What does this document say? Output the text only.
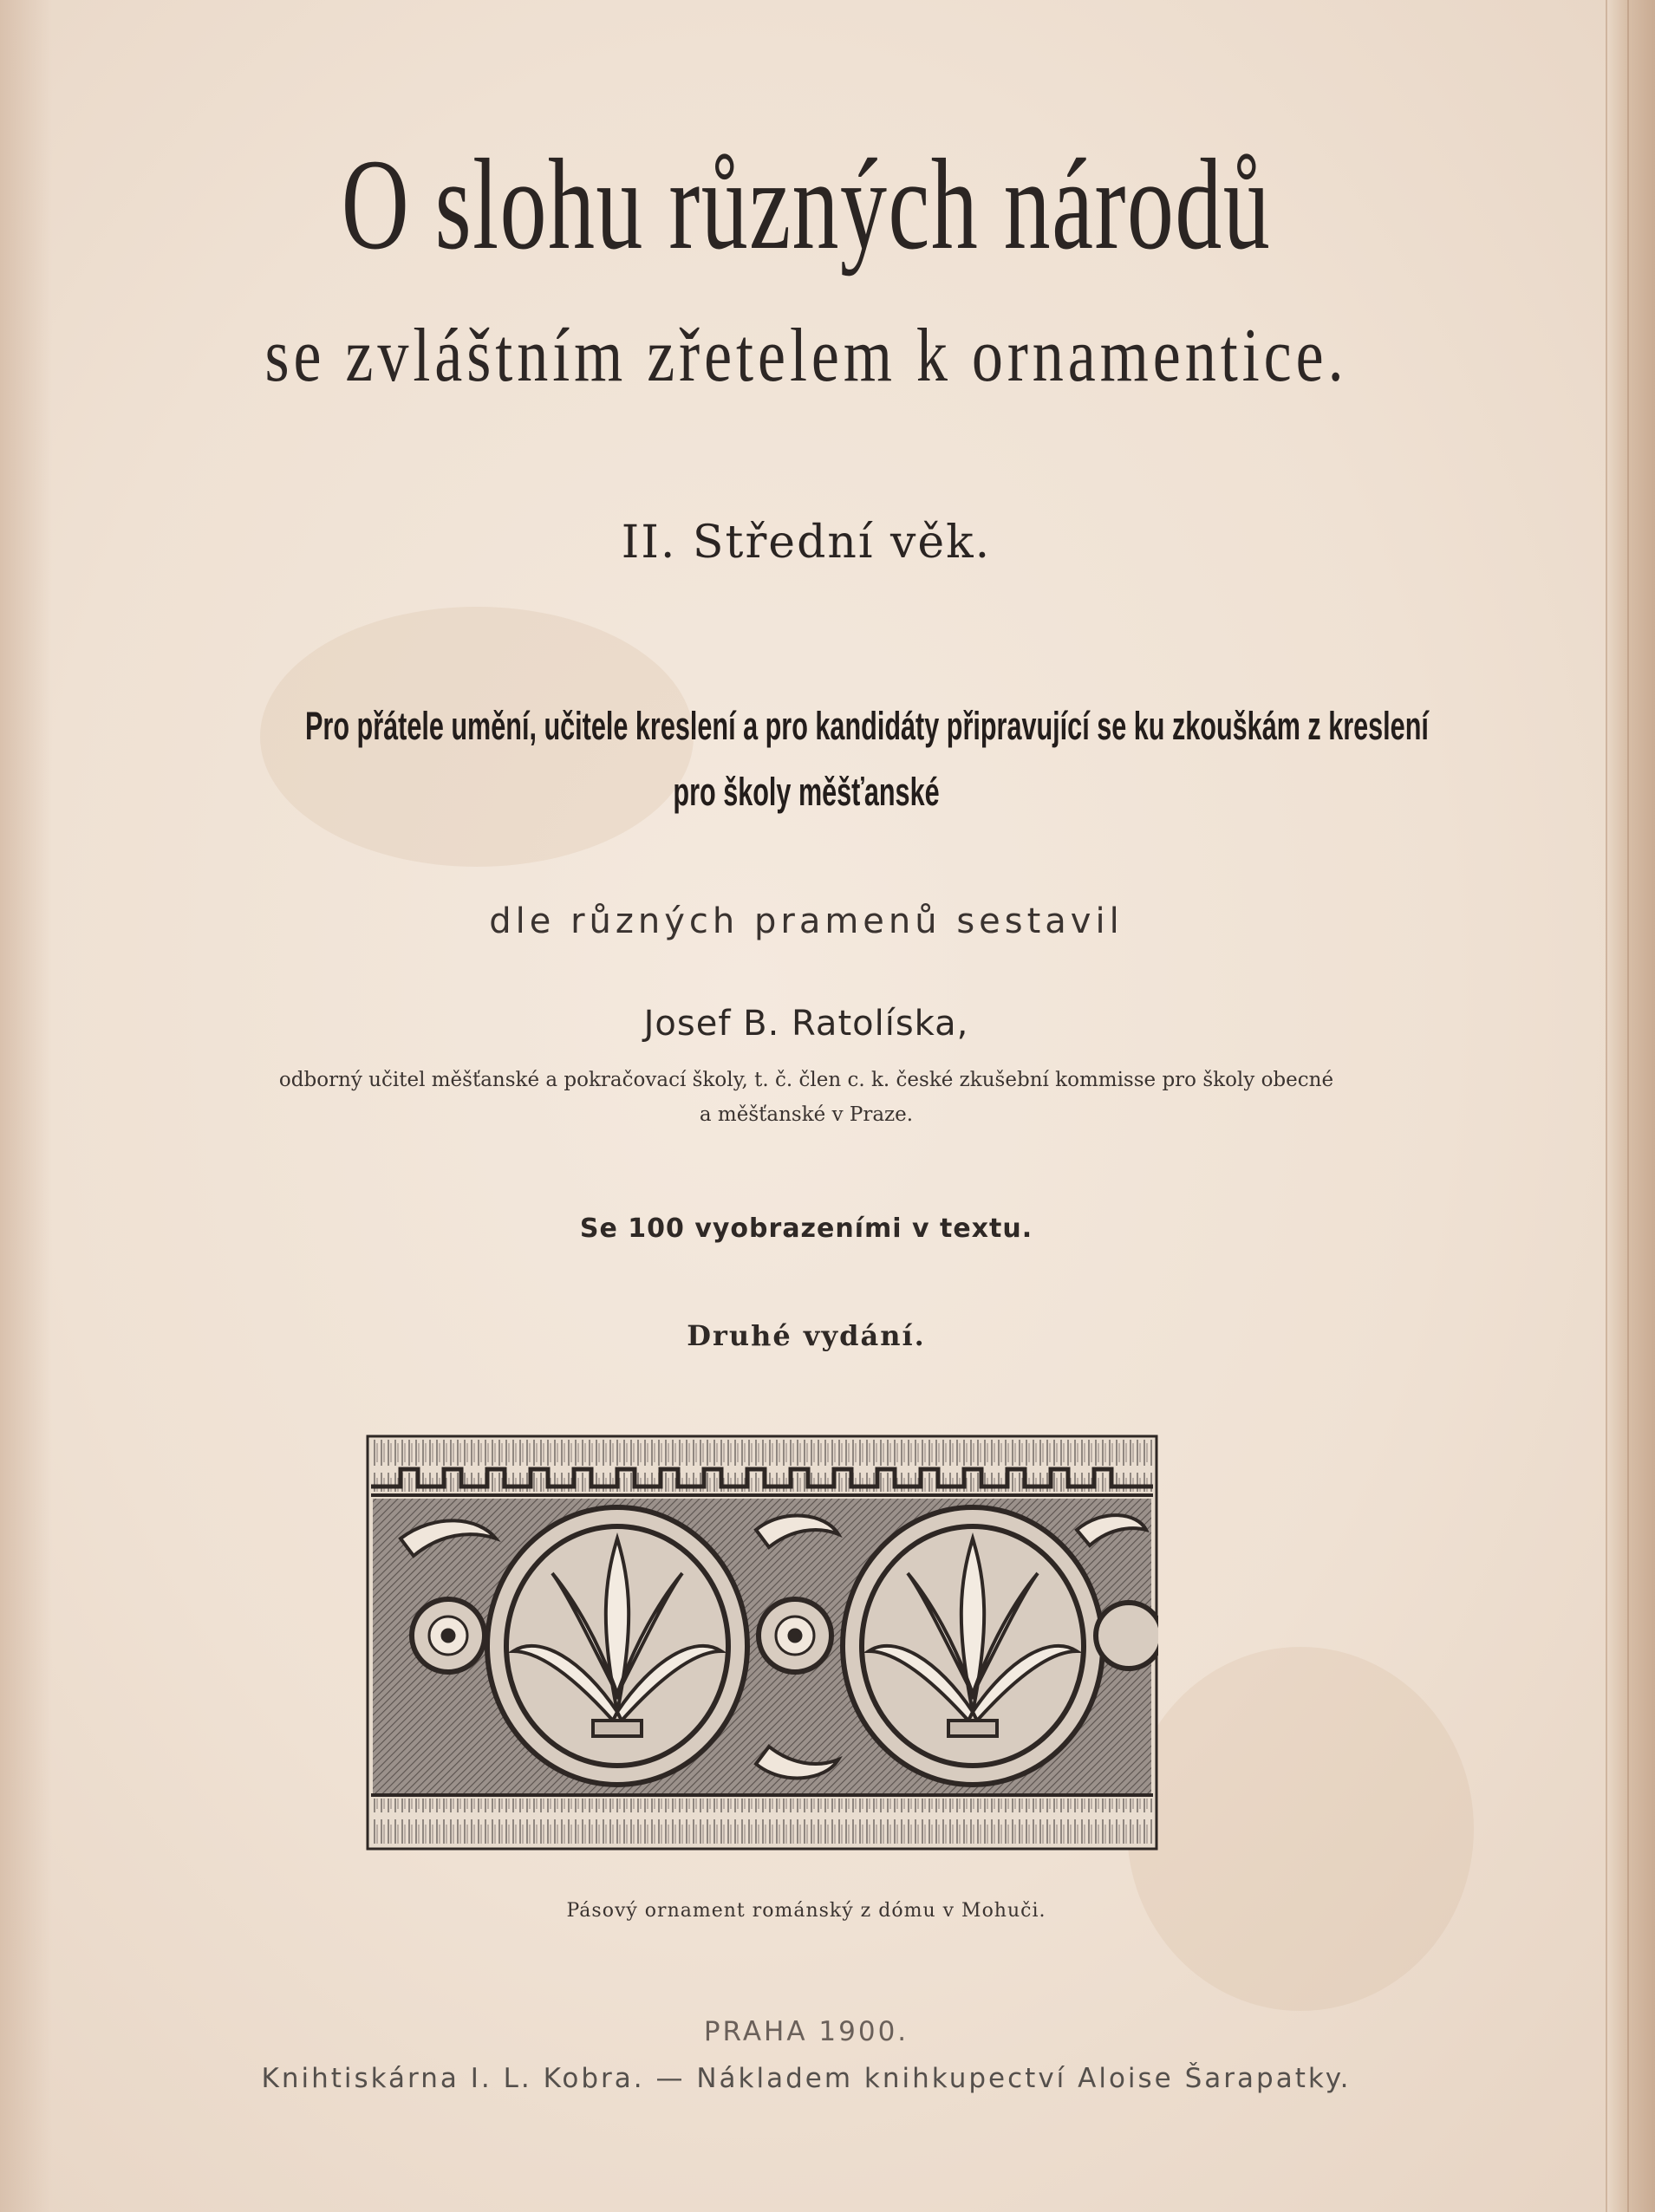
O slohu různých národů
se zvláštním zřetelem k ornamentice.
II. Střední věk.
Pro přátele umění, učitele kreslení a pro kandidáty připravující se ku zkouškám z kreslení
pro školy měšťanské
dle různých pramenů sestavil
Josef B. Ratolíska,
odborný učitel měšťanské a pokračovací školy, t. č. člen c. k. české zkušební kommisse pro školy obecné
a měšťanské v Praze.
Se 100 vyobrazeními v textu.
Druhé vydání.
Pásový ornament románský z dómu v Mohuči.
PRAHA 1900.
Knihtiskárna I. L. Kobra. — Nákladem knihkupectví Aloise Šarapatky.
